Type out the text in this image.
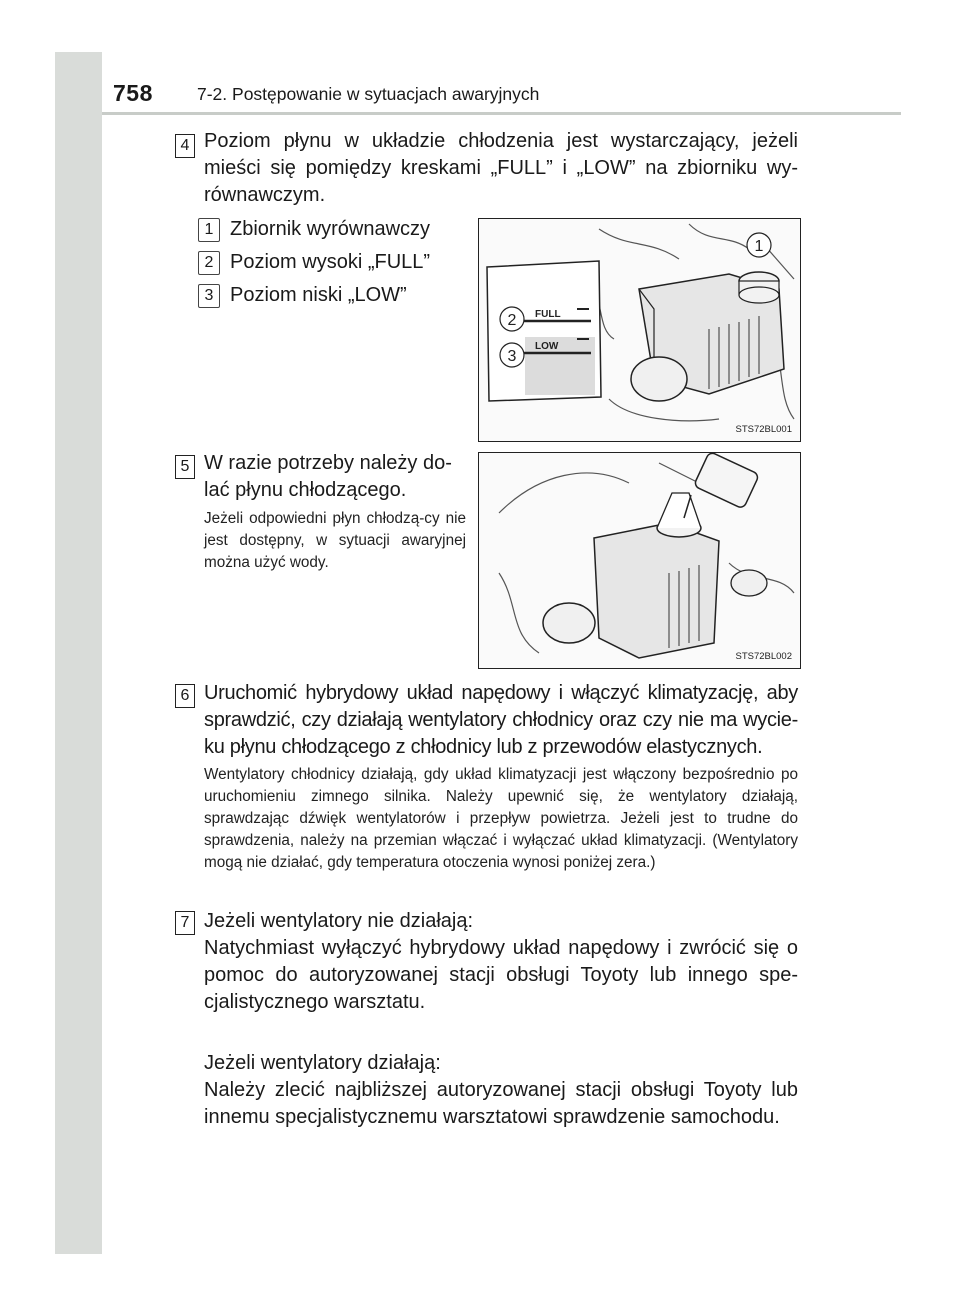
758	7-2. Postępowanie w sytuacjach awaryjnych
4 Poziom płynu w układzie chłodzenia jest wystarczający, jeżeli mieści się pomiędzy kreskami „FULL” i „LOW” na zbiorniku wy-równawczym.
1 Zbiornik wyrównawczy
2 Poziom wysoki „FULL”
3 Poziom niski „LOW”
FULL
LOW
1
2
3
STS72BL001
5 W razie potrzeby należy do-
lać płynu chłodzącego.
Jeżeli odpowiedni płyn chłodzą-cy nie jest dostępny, w sytuacji awaryjnej można użyć wody.
STS72BL002
6 Uruchomić hybrydowy układ napędowy i włączyć klimatyzację, aby sprawdzić, czy działają wentylatory chłodnicy oraz czy nie ma wycie-ku płynu chłodzącego z chłodnicy lub z przewodów elastycznych.
Wentylatory chłodnicy działają, gdy układ klimatyzacji jest włączony bezpośrednio po uruchomieniu zimnego silnika. Należy upewnić się, że wentylatory działają, sprawdzając dźwięk wentylatorów i przepływ powietrza. Jeżeli jest to trudne do sprawdzenia, należy na przemian włączać i wyłączać układ klimatyzacji. (Wentylatory mogą nie działać, gdy temperatura otoczenia wynosi poniżej zera.)
7 Jeżeli wentylatory nie działają:
Natychmiast wyłączyć hybrydowy układ napędowy i zwrócić się o pomoc do autoryzowanej stacji obsługi Toyoty lub innego spe-cjalistycznego warsztatu.
Jeżeli wentylatory działają:
Należy zlecić najbliższej autoryzowanej stacji obsługi Toyoty lub innemu specjalistycznemu warsztatowi sprawdzenie samochodu.
